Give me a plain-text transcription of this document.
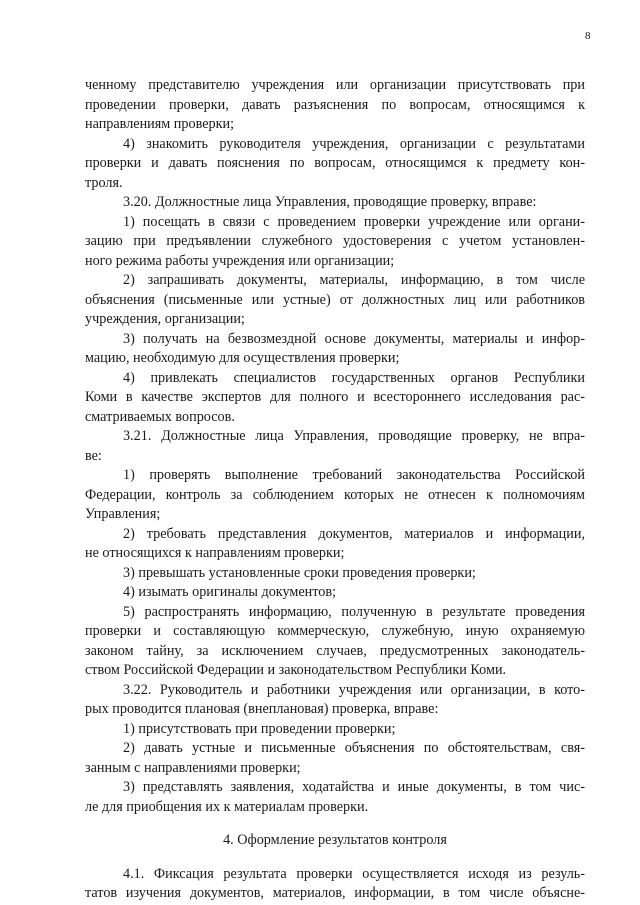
8
ченному представителю учреждения или организации присутствовать при
проведении проверки, давать разъяснения по вопросам, относящимся к
направлениям проверки;
4) знакомить руководителя учреждения, организации с результатами
проверки и давать пояснения по вопросам, относящимся к предмету кон-
троля.
3.20. Должностные лица Управления, проводящие проверку, вправе:
1) посещать в связи с проведением проверки учреждение или органи-
зацию при предъявлении служебного удостоверения с учетом установлен-
ного режима работы учреждения или организации;
2) запрашивать документы, материалы, информацию, в том числе
объяснения (письменные или устные) от должностных лиц или работников
учреждения, организации;
3) получать на безвозмездной основе документы, материалы и инфор-
мацию, необходимую для осуществления проверки;
4) привлекать специалистов государственных органов Республики
Коми в качестве экспертов для полного и всестороннего исследования рас-
сматриваемых вопросов.
3.21. Должностные лица Управления, проводящие проверку, не впра-
ве:
1) проверять выполнение требований законодательства Российской
Федерации, контроль за соблюдением которых не отнесен к полномочиям
Управления;
2) требовать представления документов, материалов и информации,
не относящихся к направлениям проверки;
3) превышать установленные сроки проведения проверки;
4) изымать оригиналы документов;
5) распространять информацию, полученную в результате проведения
проверки и составляющую коммерческую, служебную, иную охраняемую
законом тайну, за исключением случаев, предусмотренных законодатель-
ством Российской Федерации и законодательством Республики Коми.
3.22. Руководитель и работники учреждения или организации, в кото-
рых проводится плановая (внеплановая) проверка, вправе:
1) присутствовать при проведении проверки;
2) давать устные и письменные объяснения по обстоятельствам, свя-
занным с направлениями проверки;
3) представлять заявления, ходатайства и иные документы, в том чис-
ле для приобщения их к материалам проверки.
4. Оформление результатов контроля
4.1. Фиксация результата проверки осуществляется исходя из резуль-
татов изучения документов, материалов, информации, в том числе объясне-
